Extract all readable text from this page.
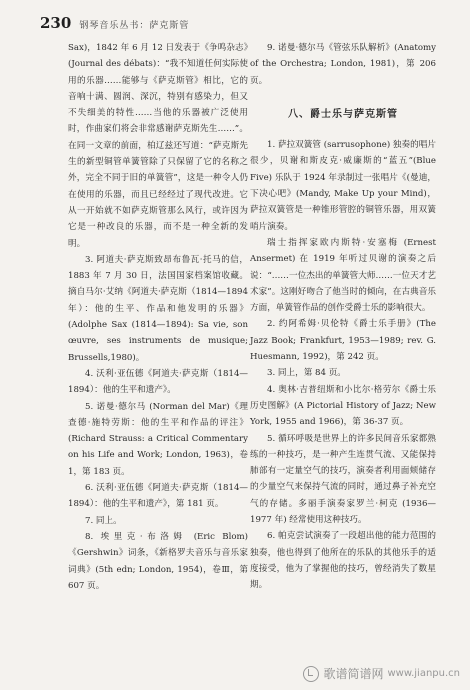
230 钢琴音乐丛书：萨克斯管

Sax)，1842 年 6 月 12 日发表于《争鸣杂志》(Journal des débats)：“我不知道任何实际使用的乐器……能够与《萨克斯管》相比，它的音响十满、圆润、深沉，特别有感染力，但又不失细美的特性……当他的乐器被广泛使用时，作曲家们将会非常感谢萨克斯先生……”。在同一文章的前面，柏辽兹还写道：“萨克斯先生的新型铜管单簧管除了只保留了它的名称之外，完全不同于旧的单簧管”，这是一种令人仍在使用的乐器，而且已经经过了现代改进。它从一开始就不如萨克斯管那么风行，或许因为它是一种改良的乐器，而不是一种全新的发明。

3. 阿道夫·萨克斯致昂布鲁瓦·托马的信，1883 年 7 月 30 日，法国国家档案馆收藏。摘自马尔·艾纳《阿道夫·萨克斯（1814—1894 年）：他的生平、作品和他发明的乐器》(Adolphe Sax (1814—1894): Sa vie, son œuvre, ses instruments de musique; Brussells,1980)。

4. 沃利·亚伍德《阿道夫·萨克斯（1814—1894）：他的生平和遗产》。

5. 诺曼·德尔马 (Norman del Mar)《理查德·施特劳斯：他的生平和作品的评注》(Richard Strauss: a Critical Commentary on his Life and Work; London, 1963)，卷 1，第 183 页。

6. 沃利·亚伍德《阿道夫·萨克斯（1814—1894）：他的生平和遗产》，第 181 页。

7. 同上。

8. 埃里克·布洛姆 (Eric Blom)《Gershwin》词条，《新格罗夫音乐与音乐家词典》(5th edn; London, 1954)，卷Ⅲ，第 607 页。

9. 诺曼·德尔马《管弦乐队解析》(Anatomy of the Orchestra; London, 1981)，第 206 页。

八、爵士乐与萨克斯管

1. 萨拉双簧管 (sarrusophone) 独奏的唱片很少，贝谢和斯皮克·威廉斯的“蓝五”(Blue Five) 乐队于 1924 年录制过一张唱片《(曼迪，下决心吧》(Mandy, Make Up your Mind)，萨拉双簧管是一种锥形管腔的铜管乐器，用双簧哨片演奏。

瑞士指挥家欧内斯特·安塞梅 (Ernest Ansermet) 在 1919 年听过贝谢的演奏之后说：“……一位杰出的单簧管大师……一位天才艺术家”。这刚好吻合了他当时的倾向，在古典音乐方面，单簧管作品的创作受爵士乐的影响很大。

2. 约阿希姆·贝伦特《爵士乐手册》(The Jazz Book; Frankfurt, 1953—1989; rev. G. Huesmann, 1992)，第 242 页。

3. 同上，第 84 页。

4. 奥林·吉普纽斯和小比尔·格劳尔《爵士乐历史图解》(A Pictorial History of Jazz; New York, 1955 and 1966)，第 36-37 页。

5. 循环呼吸是世界上的许多民间音乐家都熟练的一种技巧，是一种产生连贯气流、又能保持肺部有一定量空气的技巧，演奏者利用面颊储存的少量空气来保持气流的同时，通过鼻子补充空气的存储。多丽手演奏家罗兰·柯克 (1936—1977 年) 经常使用这种技巧。

6. 帕克尝试演奏了一段超出他的能力范围的独奏，他也得到了他所在的乐队的其他乐手的适度接受，他为了掌握他的技巧，曾经消失了数星期。

歌谱简谱网 www.jianpu.cn
